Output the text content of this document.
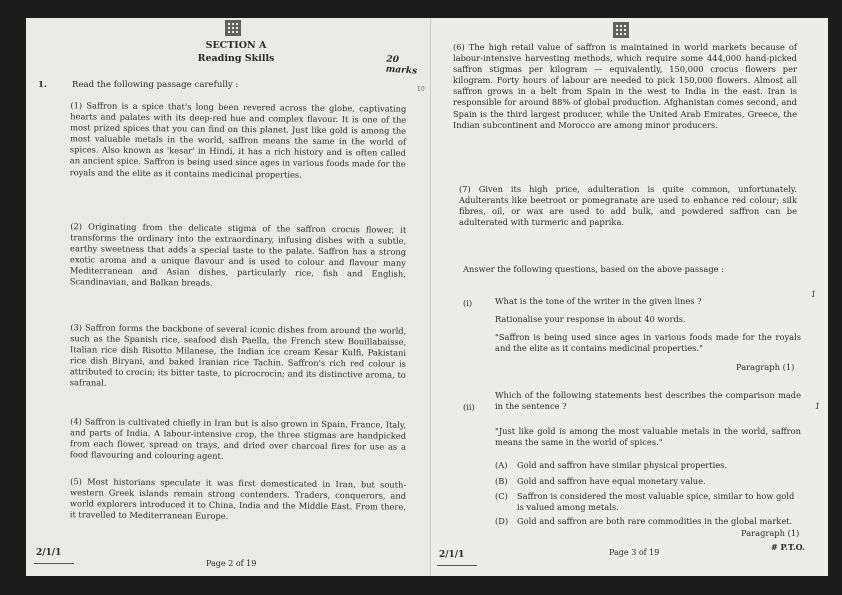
SECTION A
Reading Skills	20 marks
1.	Read the following passage carefully :	10
(1) Saffron is a spice that's long been revered across the globe, captivating hearts and palates with its deep-red hue and complex flavour. It is one of the most prized spices that you can find on this planet. Just like gold is among the most valuable metals in the world, saffron means the same in the world of spices. Also known as 'kesar' in Hindi, it has a rich history and is often called an ancient spice. Saffron is being used since ages in various foods made for the royals and the elite as it contains medicinal properties.
(2) Originating from the delicate stigma of the saffron crocus flower, it transforms the ordinary into the extraordinary, infusing dishes with a subtle, earthy sweetness that adds a special taste to the palate. Saffron has a strong exotic aroma and a unique flavour and is used to colour and flavour many Mediterranean and Asian dishes, particularly rice, fish and English, Scandinavian, and Balkan breads.
(3) Saffron forms the backbone of several iconic dishes from around the world, such as the Spanish rice, seafood dish Paella, the French stew Bouillabaisse, Italian rice dish Risotto Milanese, the Indian ice cream Kesar Kulfi, Pakistani rice dish Biryani, and baked Iranian rice Tachin. Saffron's rich red colour is attributed to crocin; its bitter taste, to picrocrocin; and its distinctive aroma, to safranal.
(4) Saffron is cultivated chiefly in Iran but is also grown in Spain, France, Italy, and parts of India. A labour-intensive crop, the three stigmas are handpicked from each flower, spread on trays, and dried over charcoal fires for use as a food flavouring and colouring agent.
(5) Most historians speculate it was first domesticated in Iran, but south-western Greek islands remain strong contenders. Traders, conquerors, and world explorers introduced it to China, India and the Middle East. From there, it travelled to Mediterranean Europe.
2/1/1
Page 2 of 19
(6) The high retail value of saffron is maintained in world markets because of labour-intensive harvesting methods, which require some 444,000 hand-picked saffron stigmas per kilogram — equivalently, 150,000 crocus flowers per kilogram. Forty hours of labour are needed to pick 150,000 flowers. Almost all saffron grows in a belt from Spain in the west to India in the east. Iran is responsible for around 88% of global production. Afghanistan comes second, and Spain is the third largest producer, while the United Arab Emirates, Greece, the Indian subcontinent and Morocco are among minor producers.
(7) Given its high price, adulteration is quite common, unfortunately. Adulterants like beetroot or pomegranate are used to enhance red colour; silk fibres, oil, or wax are used to add bulk, and powdered saffron can be adulterated with turmeric and paprika.
Answer the following questions, based on the above passage :
(i)	What is the tone of the writer in the given lines ?
1
Rationalise your response in about 40 words.
"Saffron is being used since ages in various foods made for the royals and the elite as it contains medicinal properties."
Paragraph (1)
(ii)
Which of the following statements best describes the comparison made in the sentence ?	1
"Just like gold is among the most valuable metals in the world, saffron means the same in the world of spices."
(A) Gold and saffron have similar physical properties.
(B) Gold and saffron have equal monetary value.
(C)	Saffron is considered the most valuable spice, similar to how gold is valued among metals.
(D)	Gold and saffron are both rare commodities in the global market.
Paragraph (1)
2/1/1	Page 3 of 19
# P.T.O.
